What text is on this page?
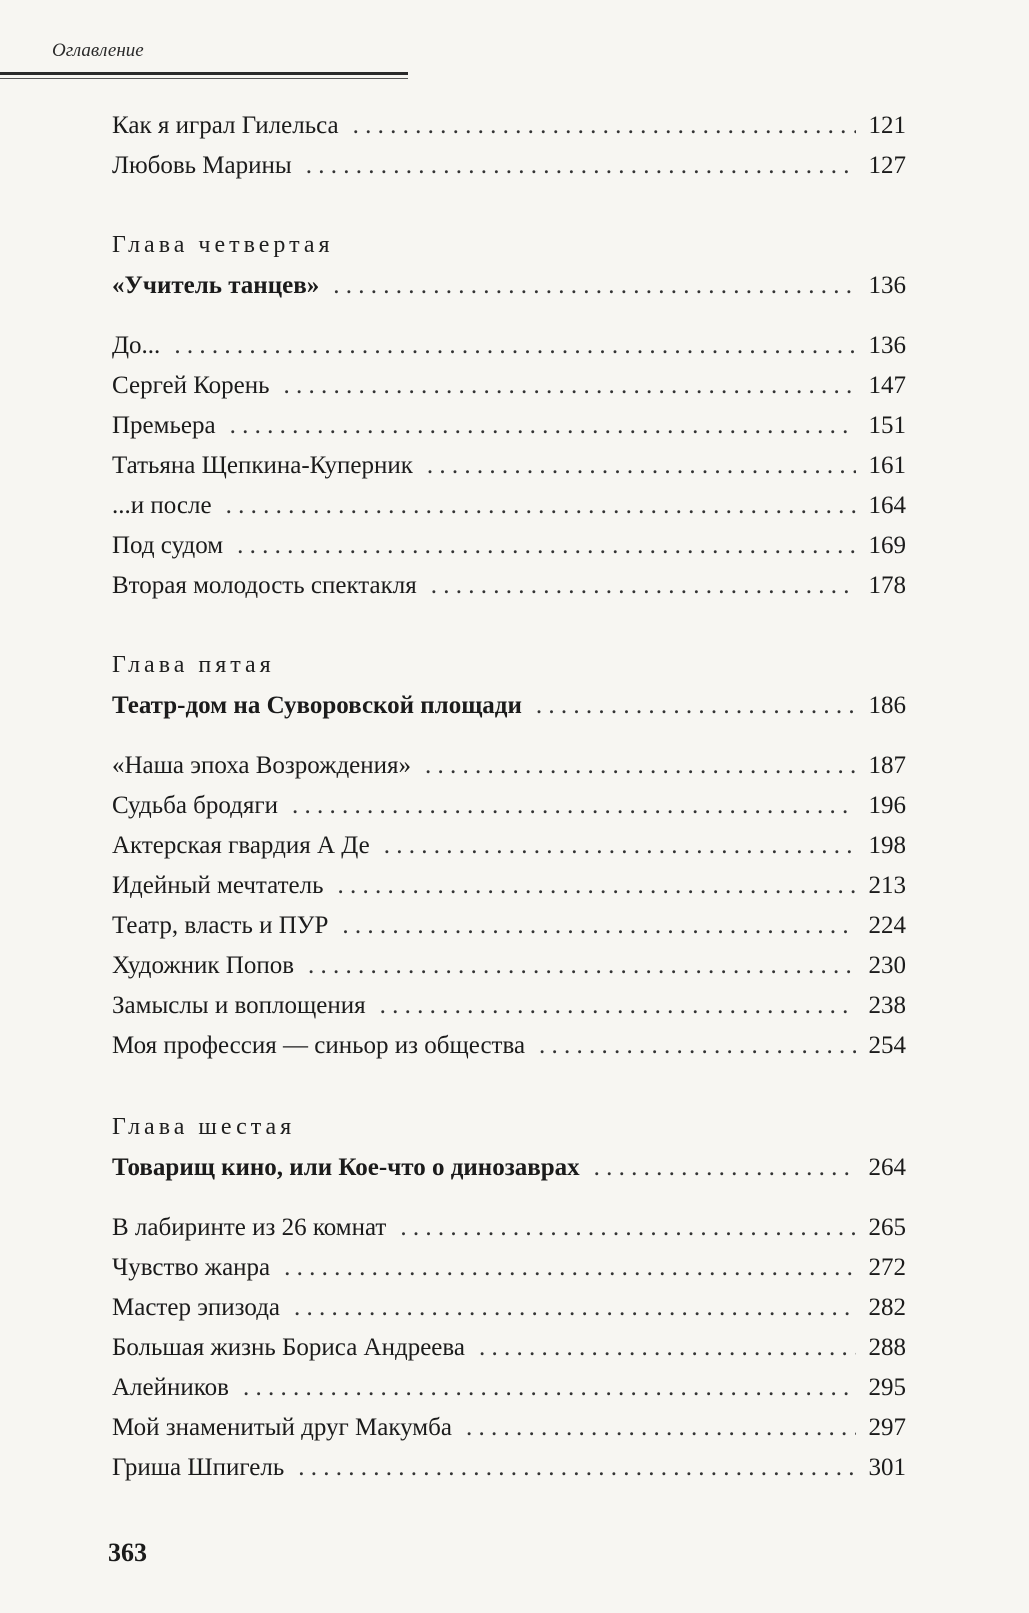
Оглавление
Как я играл Гилельса . . .	121
Любовь Марины . . .	127
Глава четвертая
«Учитель танцев» . . .	136
До... . . .	136
Сергей Корень . . .	147
Премьера . . .	151
Татьяна Щепкина-Куперник . . .	161
...и после . . .	164
Под судом . . .	169
Вторая молодость спектакля . . .	178
Глава пятая
Театр-дом на Суворовской площади . . .	186
«Наша эпоха Возрождения» . . .	187
Судьба бродяги . . .	196
Актерская гвардия А Де . . .	198
Идейный мечтатель . . .	213
Театр, власть и ПУР . . .	224
Художник Попов . . .	230
Замыслы и воплощения . . .	238
Моя профессия — синьор из общества . . .	254
Глава шестая
Товарищ кино, или Кое-что о динозаврах . . .	264
В лабиринте из 26 комнат . . .	265
Чувство жанра . . .	272
Мастер эпизода . . .	282
Большая жизнь Бориса Андреева . . .	288
Алейников . . .	295
Мой знаменитый друг Макумба . . .	297
Гриша Шпигель . . .	301
363
